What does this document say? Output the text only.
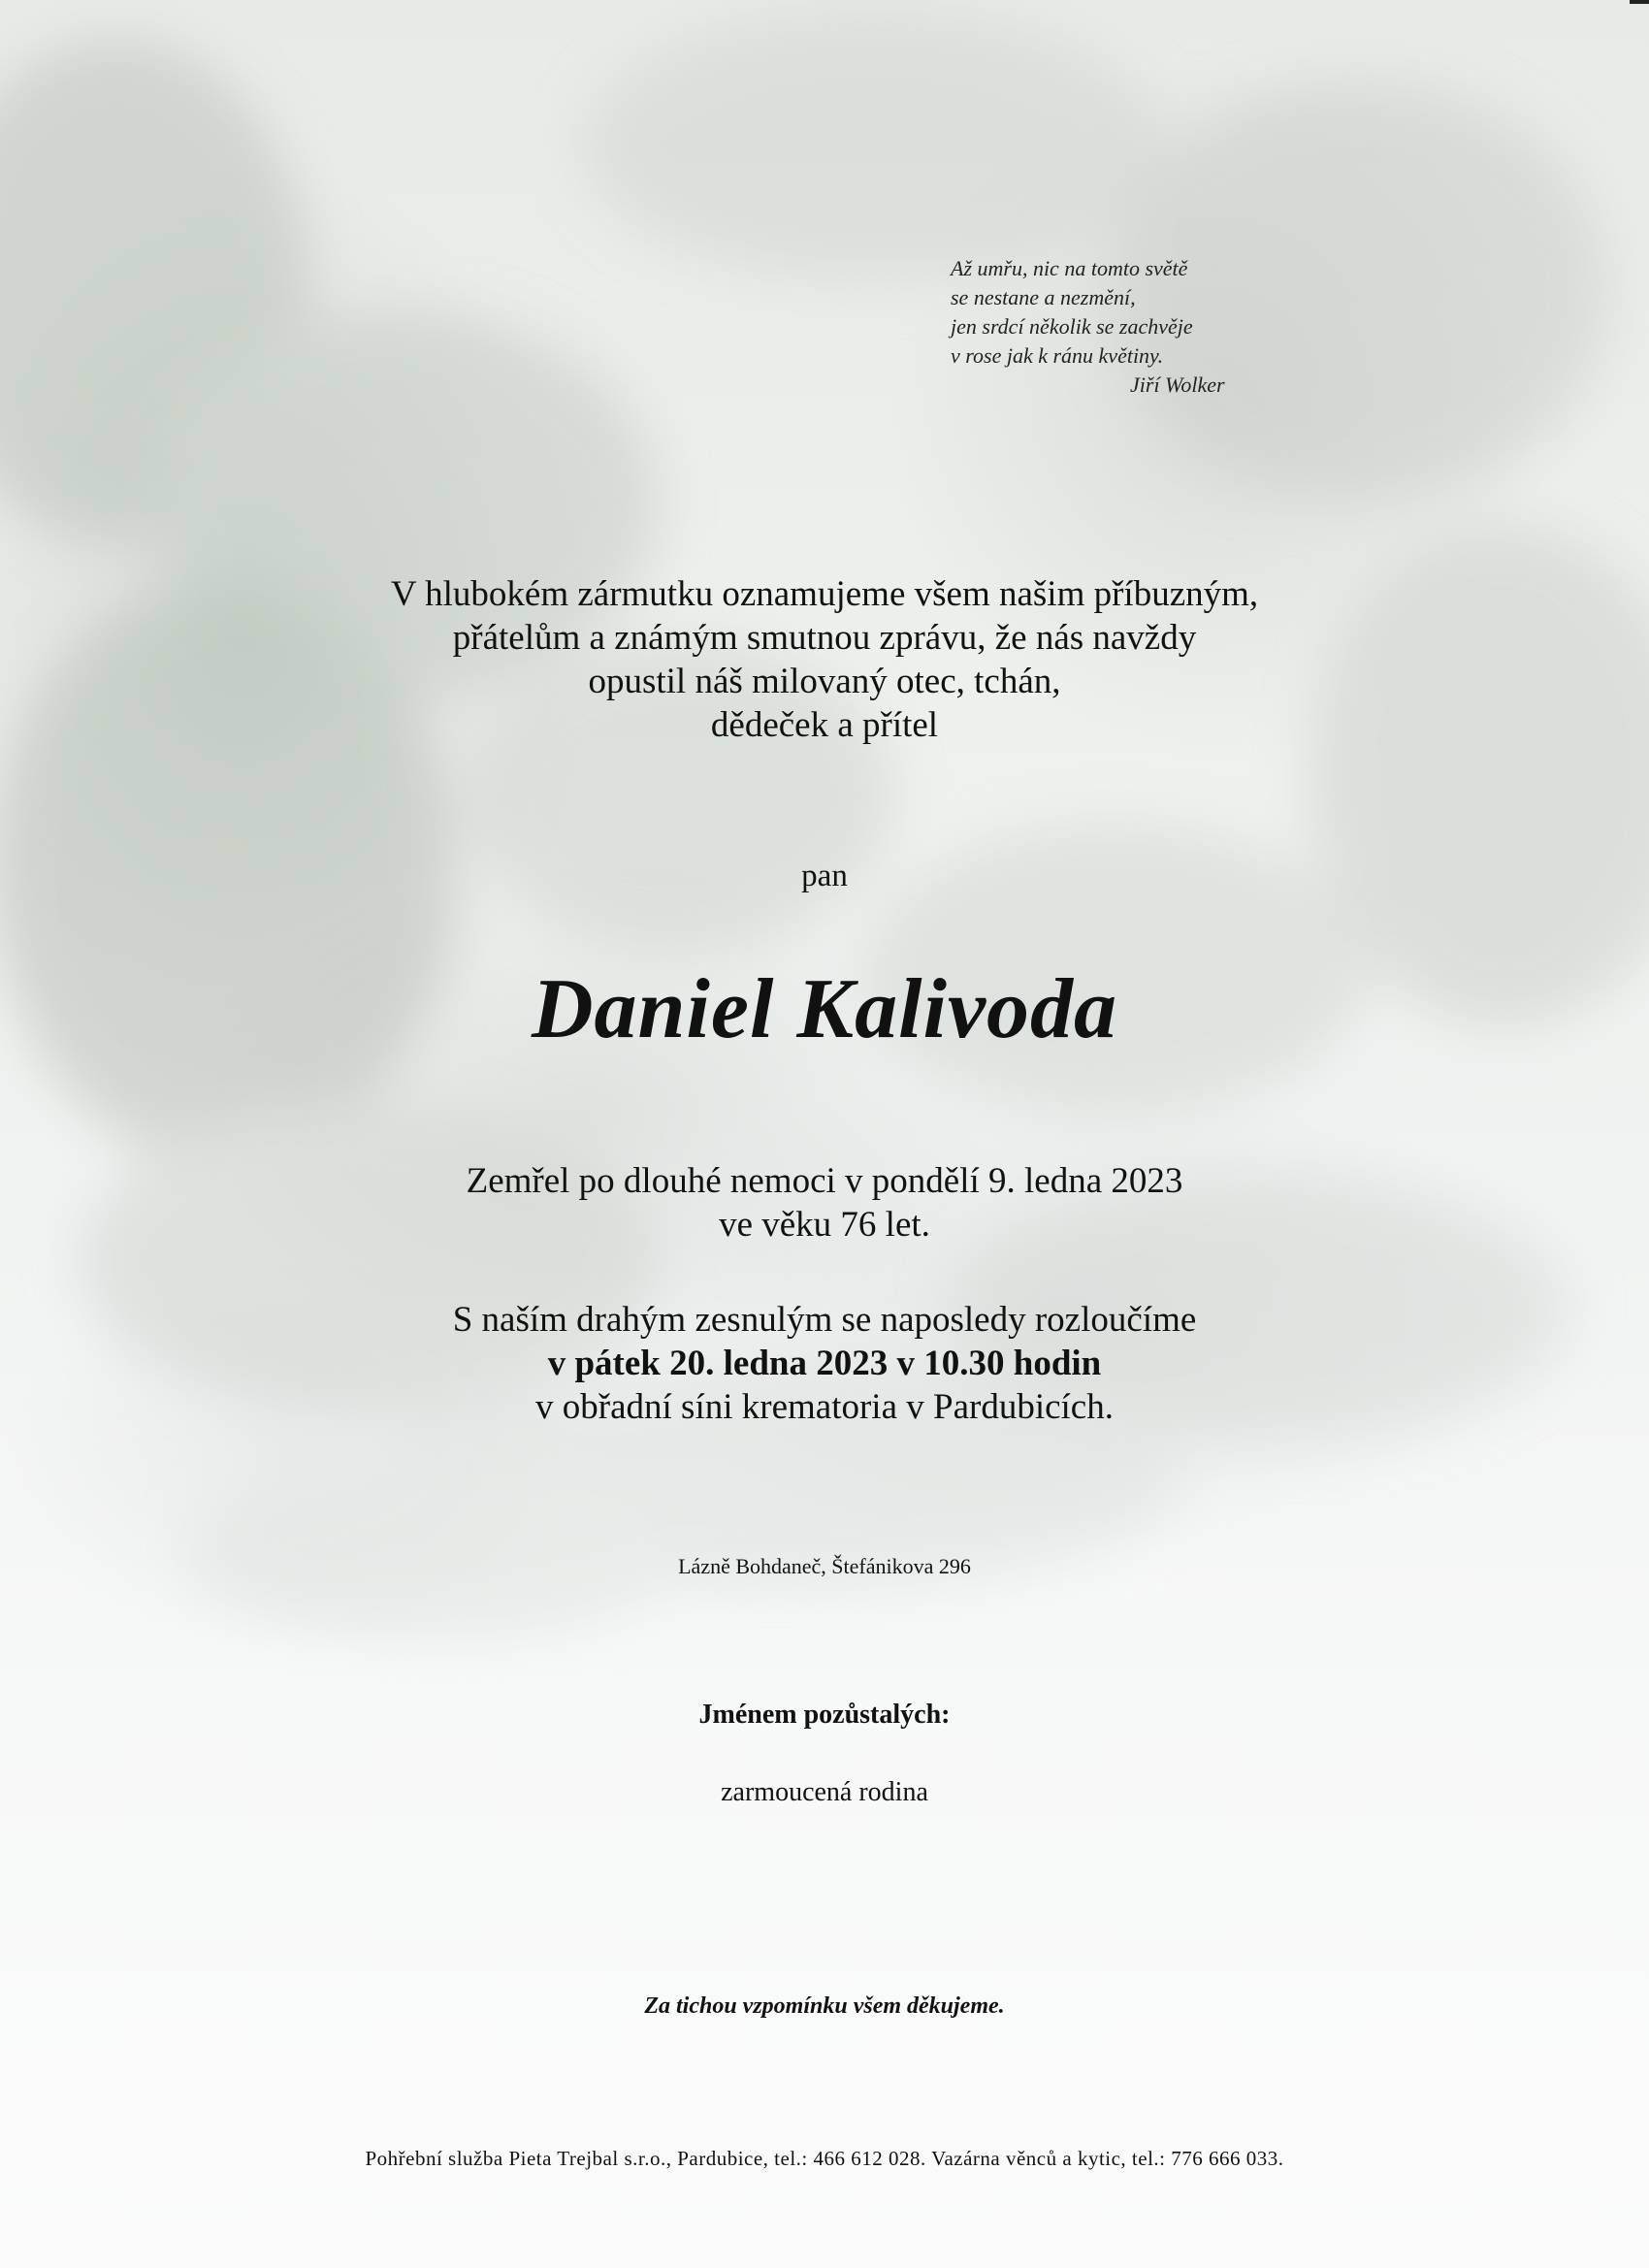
Až umřu, nic na tomto světě
se nestane a nezmění,
jen srdcí několik se zachvěje
v rose jak k ránu květiny.
Jiří Wolker
V hlubokém zármutku oznamujeme všem našim příbuzným,
přátelům a známým smutnou zprávu, že nás navždy
opustil náš milovaný otec, tchán,
dědeček a přítel
pan
Daniel Kalivoda
Zemřel po dlouhé nemoci v pondělí 9. ledna 2023
ve věku 76 let.
S naším drahým zesnulým se naposledy rozloučíme
v pátek 20. ledna 2023 v 10.30 hodin
v obřadní síni krematoria v Pardubicích.
Lázně Bohdaneč, Štefánikova 296
Jménem pozůstalých:
zarmoucená rodina
Za tichou vzpomínku všem děkujeme.
Pohřební služba Pieta Trejbal s.r.o., Pardubice, tel.: 466 612 028. Vazárna věnců a kytic, tel.: 776 666 033.
